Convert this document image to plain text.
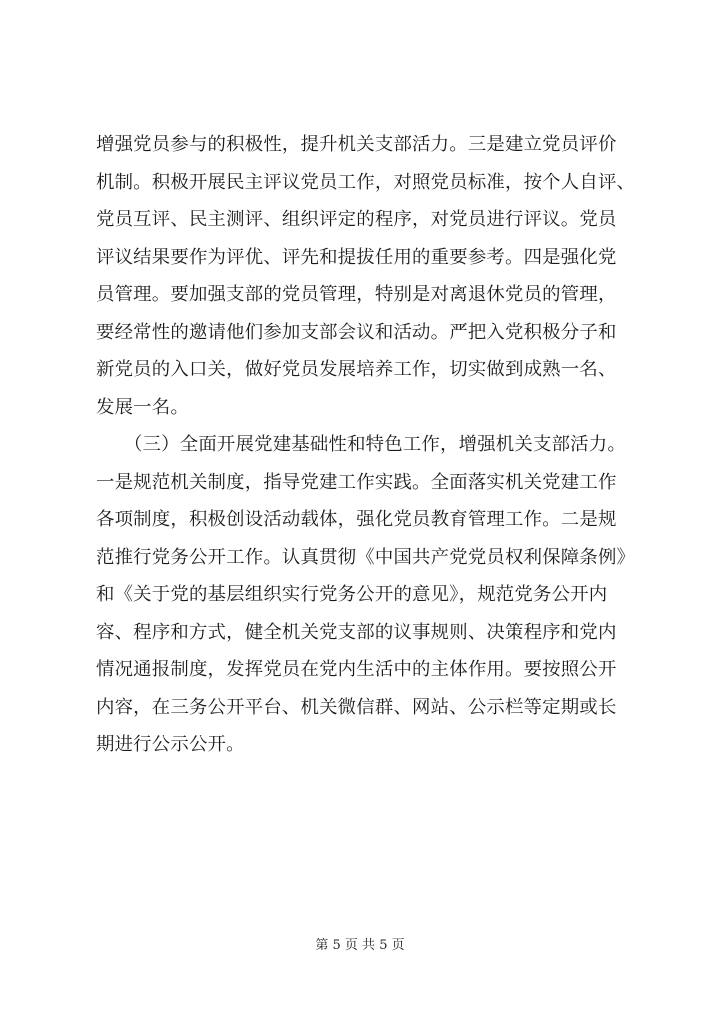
增强党员参与的积极性，提升机关支部活力。三是建立党员评价
机制。积极开展民主评议党员工作，对照党员标准，按个人自评、
党员互评、民主测评、组织评定的程序，对党员进行评议。党员
评议结果要作为评优、评先和提拔任用的重要参考。四是强化党
员管理。要加强支部的党员管理，特别是对离退休党员的管理，
要经常性的邀请他们参加支部会议和活动。严把入党积极分子和
新党员的入口关，做好党员发展培养工作，切实做到成熟一名、
发展一名。
　　（三）全面开展党建基础性和特色工作，增强机关支部活力。
一是规范机关制度，指导党建工作实践。全面落实机关党建工作
各项制度，积极创设活动载体，强化党员教育管理工作。二是规
范推行党务公开工作。认真贯彻《中国共产党党员权利保障条例》
和《关于党的基层组织实行党务公开的意见》，规范党务公开内
容、程序和方式，健全机关党支部的议事规则、决策程序和党内
情况通报制度，发挥党员在党内生活中的主体作用。要按照公开
内容，在三务公开平台、机关微信群、网站、公示栏等定期或长
期进行公示公开。
第 5 页 共 5 页
